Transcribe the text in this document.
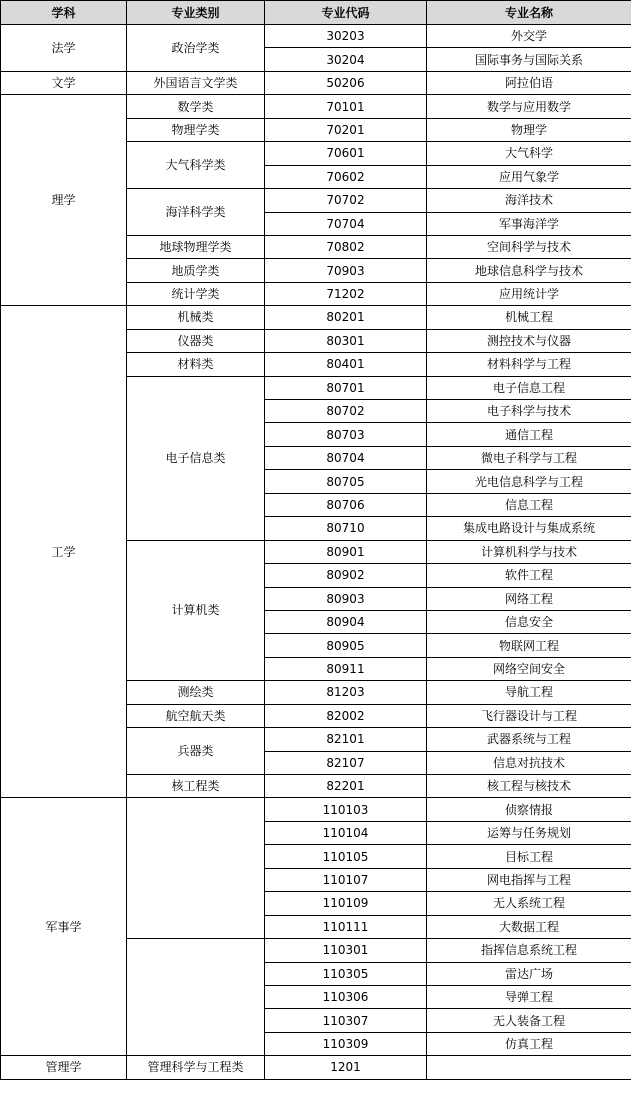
学科	专业类别	专业代码	专业名称
法学	政治学类	30203	外交学
		30204	国际事务与国际关系
文学	外国语言文学类	50206	阿拉伯语
理学	数学类	70101	数学与应用数学
	物理学类	70201	物理学
	大气科学类	70601	大气科学
		70602	应用气象学
	海洋科学类	70702	海洋技术
		70704	军事海洋学
	地球物理学类	70802	空间科学与技术
	地质学类	70903	地球信息科学与技术
	统计学类	71202	应用统计学
工学	机械类	80201	机械工程
	仪器类	80301	测控技术与仪器
	材料类	80401	材料科学与工程
	电子信息类	80701	电子信息工程
		80702	电子科学与技术
		80703	通信工程
		80704	微电子科学与工程
		80705	光电信息科学与工程
		80706	信息工程
		80710	集成电路设计与集成系统
	计算机类	80901	计算机科学与技术
		80902	软件工程
		80903	网络工程
		80904	信息安全
		80905	物联网工程
		80911	网络空间安全
	测绘类	81203	导航工程
	航空航天类	82002	飞行器设计与工程
	兵器类	82101	武器系统与工程
		82107	信息对抗技术
	核工程类	82201	核工程与核技术
军事学		110103	侦察情报
		110104	运筹与任务规划
		110105	目标工程
		110107	网电指挥与工程
		110109	无人系统工程
		110111	大数据工程
		110301	指挥信息系统工程
		110305	雷达广场
		110306	导弹工程
		110307	无人装备工程
		110309	仿真工程
管理学	管理科学与工程类	1201	
